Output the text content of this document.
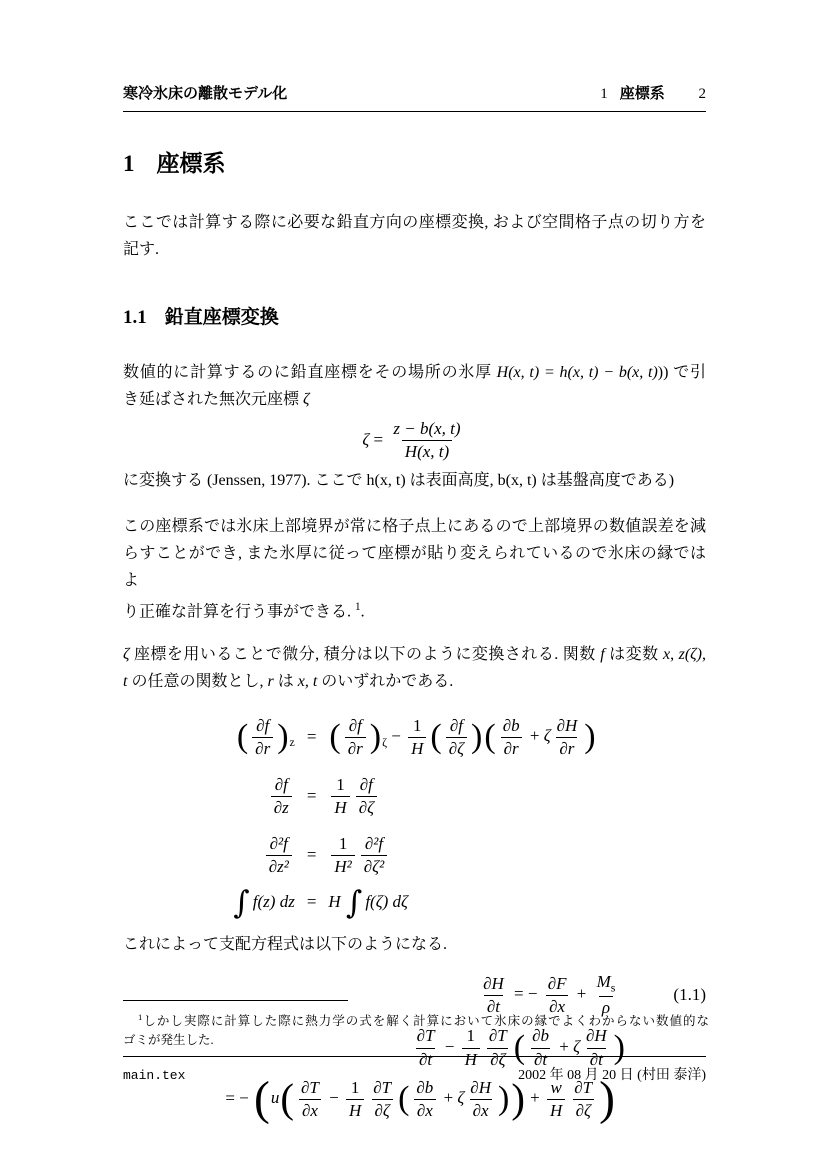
寒冷氷床の離散モデル化	1 座標系 2
1 座標系
ここでは計算する際に必要な鉛直方向の座標変換, および空間格子点の切り方を
記す.
1.1 鉛直座標変換
数値的に計算するのに鉛直座標をその場所の氷厚 H(x, t) = h(x, t) − b(x, t))) で引
き延ばされた無次元座標 ζ
$\zeta = \frac{z - b(x, t)}{H(x, t)}$
に変換する (Jenssen, 1977). ここで h(x, t) は表面高度, b(x, t) は基盤高度である)
この座標系では氷床上部境界が常に格子点上にあるので上部境界の数値誤差を減
らすことができ, また氷厚に従って座標が貼り変えられているので氷床の縁ではよ
り正確な計算を行う事ができる. $^1$.
ζ 座標を用いることで微分, 積分は以下のように変換される. 関数 f は変数 x, z(ζ),
t の任意の関数とし, r は x, t のいずれかである.
( $\frac{\partial f}{\partial r} )_z$	=	( $\frac{\partial f}{\partial r} )_\zeta - \frac{1}{H}$ ( $\frac{\partial f}{\partial\zeta}$ )( $\frac{\partial b}{\partial r} + \zeta \frac{\partial H}{\partial r}$ )

$\frac{\partial f}{\partial z}$	=	$\frac{1}{H} \frac{\partial f}{\partial\zeta}$

$\frac{\text{∂²f}}{\text{∂z²}}$	=	$\frac{1}{\text{H²}} \frac{\text{∂²f}}{\text{∂ζ²}}$

∫ f(z) dz	=	H ∫ f(ζ) dζ
これによって支配方程式は以下のようになる.
$\frac{\partial H}{\partial t}$ = − $\frac{\partial F}{\partial x} + \frac{M_s}{\rho}$	(1.1)
$\frac{\partial T}{\partial t} - \frac{1}{H} \frac{\partial T}{\partial\zeta}$ ( $\frac{\partial b}{\partial t} + \zeta \frac{\partial H}{\partial t}$ )
= − ($u( \frac{\partial T}{\partial x} - \frac{1}{H} \frac{\partial T}{\partial\zeta}$ ( $\frac{\partial b}{\partial x} + \zeta \frac{\partial H}{\partial x}$ )) + $\frac{w}{H} \frac{\partial T}{\partial\zeta}$ )
$^1$しかし実際に計算した際に熱力学の式を解く計算において氷床の縁でよくわからない数値的な
ゴミが発生した.
main.tex	2002 年 08 月 20 日 (村田 泰洋)
